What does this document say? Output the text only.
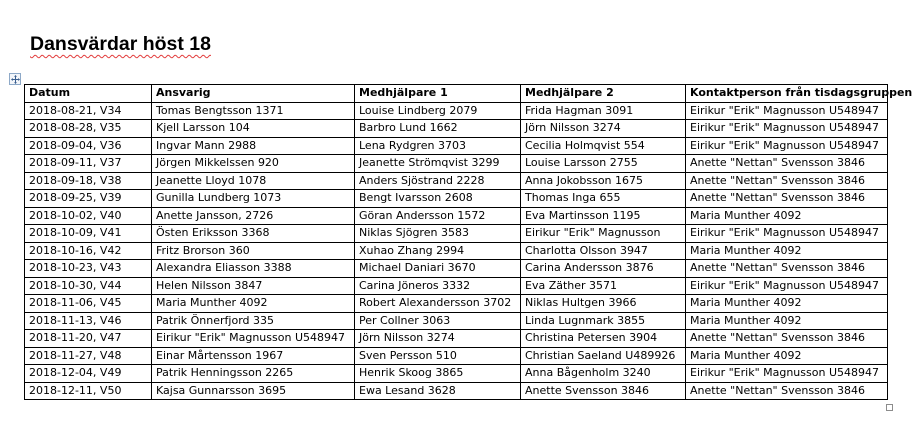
Dansvärdar höst 18
Datum	Ansvarig	Medhjälpare 1	Medhjälpare 2	Kontaktperson från tisdagsgruppen
2018-08-21, V34	Tomas Bengtsson 1371	Louise Lindberg 2079	Frida Hagman 3091	Eirikur "Erik" Magnusson U548947
2018-08-28, V35	Kjell Larsson 104	Barbro Lund 1662	Jörn Nilsson 3274	Eirikur "Erik" Magnusson U548947
2018-09-04, V36	Ingvar Mann 2988	Lena Rydgren 3703	Cecilia Holmqvist 554	Eirikur "Erik" Magnusson U548947
2018-09-11, V37	Jörgen Mikkelssen 920	Jeanette Strömqvist 3299	Louise Larsson 2755	Anette "Nettan" Svensson 3846
2018-09-18, V38	Jeanette Lloyd 1078	Anders Sjöstrand 2228	Anna Jokobsson 1675	Anette "Nettan" Svensson 3846
2018-09-25, V39	Gunilla Lundberg 1073	Bengt Ivarsson 2608	Thomas Inga 655	Anette "Nettan" Svensson 3846
2018-10-02, V40	Anette Jansson, 2726	Göran Andersson 1572	Eva Martinsson 1195	Maria Munther 4092
2018-10-09, V41	Östen Eriksson 3368	Niklas Sjögren 3583	Eirikur "Erik" Magnusson	Eirikur "Erik" Magnusson U548947
2018-10-16, V42	Fritz Brorson 360	Xuhao Zhang 2994	Charlotta Olsson 3947	Maria Munther 4092
2018-10-23, V43	Alexandra Eliasson 3388	Michael Daniari 3670	Carina Andersson 3876	Anette "Nettan" Svensson 3846
2018-10-30, V44	Helen Nilsson 3847	Carina Jöneros 3332	Eva Zäther 3571	Eirikur "Erik" Magnusson U548947
2018-11-06, V45	Maria Munther 4092	Robert Alexandersson 3702	Niklas Hultgen 3966	Maria Munther 4092
2018-11-13, V46	Patrik Önnerfjord 335	Per Collner 3063	Linda Lugnmark 3855	Maria Munther 4092
2018-11-20, V47	Eirikur "Erik" Magnusson U548947	Jörn Nilsson 3274	Christina Petersen 3904	Anette "Nettan" Svensson 3846
2018-11-27, V48	Einar Mårtensson 1967	Sven Persson 510	Christian Saeland U489926	Maria Munther 4092
2018-12-04, V49	Patrik Henningsson 2265	Henrik Skoog 3865	Anna Bågenholm 3240	Eirikur "Erik" Magnusson U548947
2018-12-11, V50	Kajsa Gunnarsson 3695	Ewa Lesand 3628	Anette Svensson 3846	Anette "Nettan" Svensson 3846
